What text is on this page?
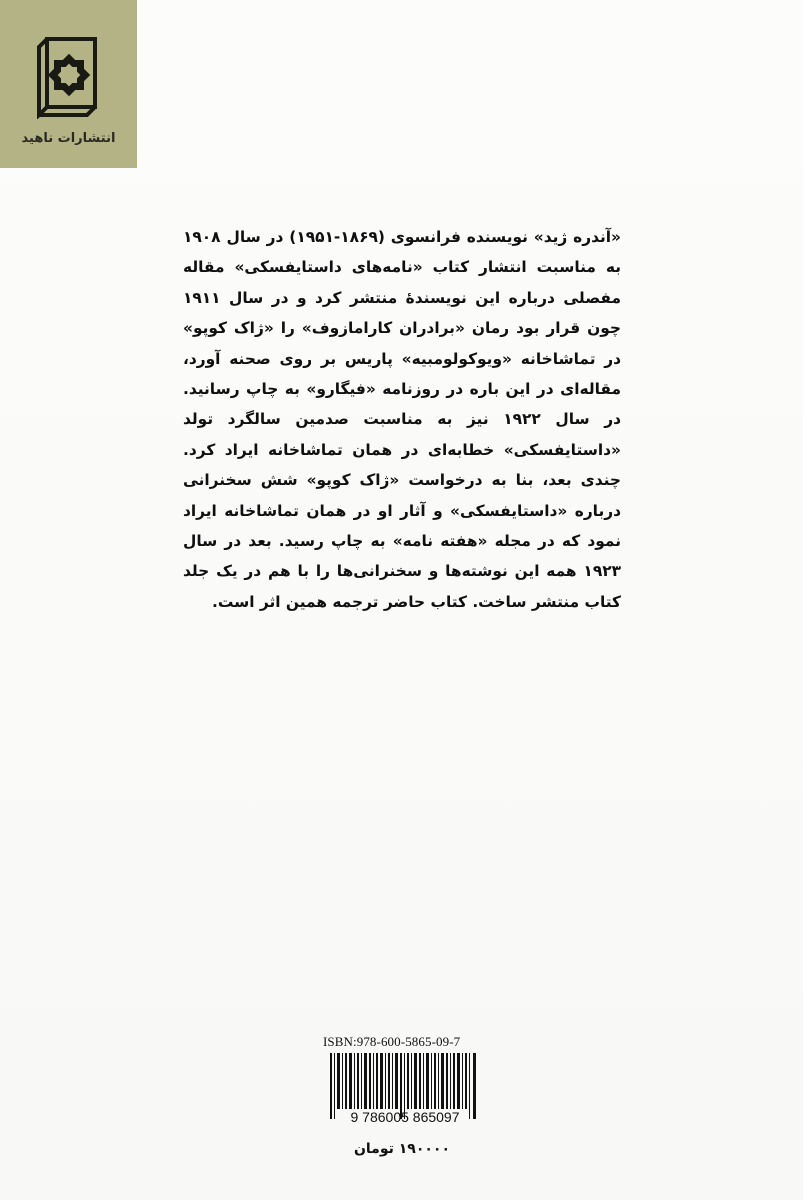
انتشارات ناهید

«آندره ژید» نویسنده فرانسوی (۱۸۶۹-۱۹۵۱) در سال ۱۹۰۸ به مناسبت انتشار کتاب «نامه‌های داستایفسکی» مقاله مفصلی درباره این نویسندهٔ منتشر کرد و در سال ۱۹۱۱ چون قرار بود رمان «برادران کارامازوف» را «ژاک کوپو» در تماشاخانه «ویوکولومبیه» پاریس بر روی صحنه آورد، مقاله‌ای در این باره در روزنامه «فیگارو» به چاپ رسانید. در سال ۱۹۲۲ نیز به مناسبت صدمین سالگرد تولد «داستایفسکی» خطابه‌ای در همان تماشاخانه ایراد کرد. چندی بعد، بنا به درخواست «ژاک کوپو» شش سخنرانی درباره «داستایفسکی» و آثار او در همان تماشاخانه ایراد نمود که در مجله «هفته نامه» به چاپ رسید. بعد در سال ۱۹۲۳ همه این نوشته‌ها و سخنرانی‌ها را با هم در یک جلد کتاب منتشر ساخت. کتاب حاضر ترجمه همین اثر است.

ISBN:978-600-5865-09-7
9 786005 865097
۱۹۰۰۰۰ تومان
